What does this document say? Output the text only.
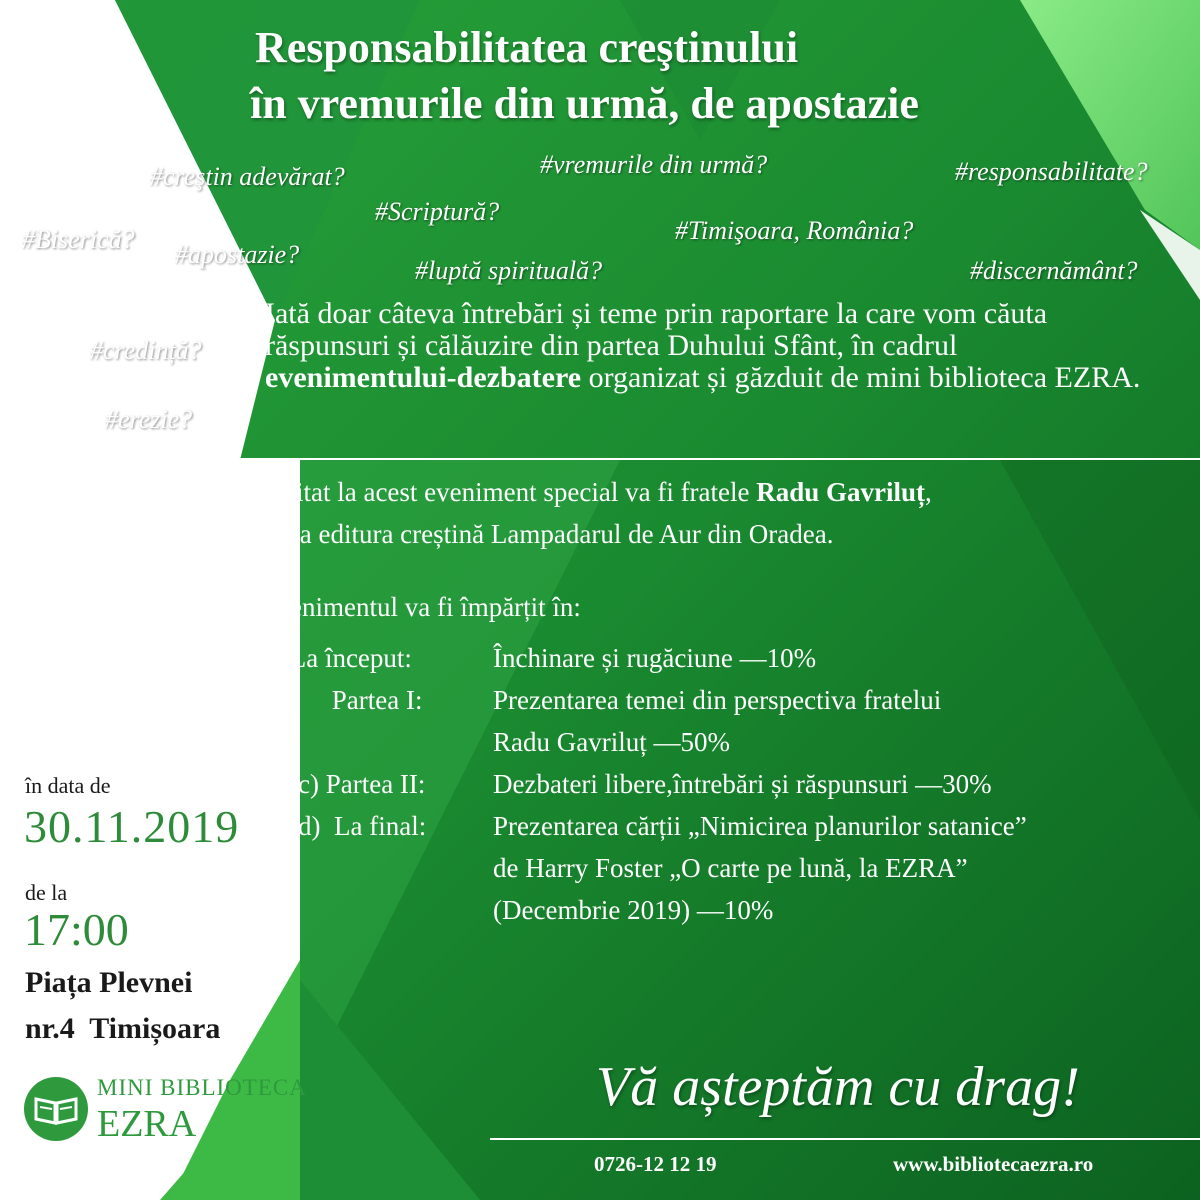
Responsabilitatea creştinului

în vremurile din urmă, de apostazie

#creştin adevărat?	#vremurile din urmă?	#responsabilitate?

#Scriptură?

#Biserică?

#apostazie?

#Timişoara, România?

#luptă spirituală?	#discernământ?

#credință?

#erezie?

Iată doar câteva întrebări și teme prin raportare la care vom căuta răspunsuri și călăuzire din partea Duhului Sfânt, în cadrul evenimentului-dezbatere organizat și găzduit de mini biblioteca EZRA.

Invitat la acest eveniment special va fi fratele Radu Gavriluț,

de la editura creștină Lampadarul de Aur din Oradea.

Evenimentul va fi împărțit în:

a) La început:	Închinare și rugăciune —10%

b)       Partea I:	Prezentarea temei din perspectiva fratelui

Radu Gavriluț —50%

c) Partea II:	Dezbateri libere,întrebări și răspunsuri —30%

d)  La final: Prezentarea cărții „Nimicirea planurilor satanice”

de Harry Foster „O carte pe lună, la EZRA”

(Decembrie 2019) —10%

în data de

30.11.2019

de la

17:00

Piața Plevnei

nr.4  Timișoara

MINI BIBLIOTECA

EZRA

Vă așteptăm cu drag!

0726-12 12 19	www.bibliotecaezra.ro
